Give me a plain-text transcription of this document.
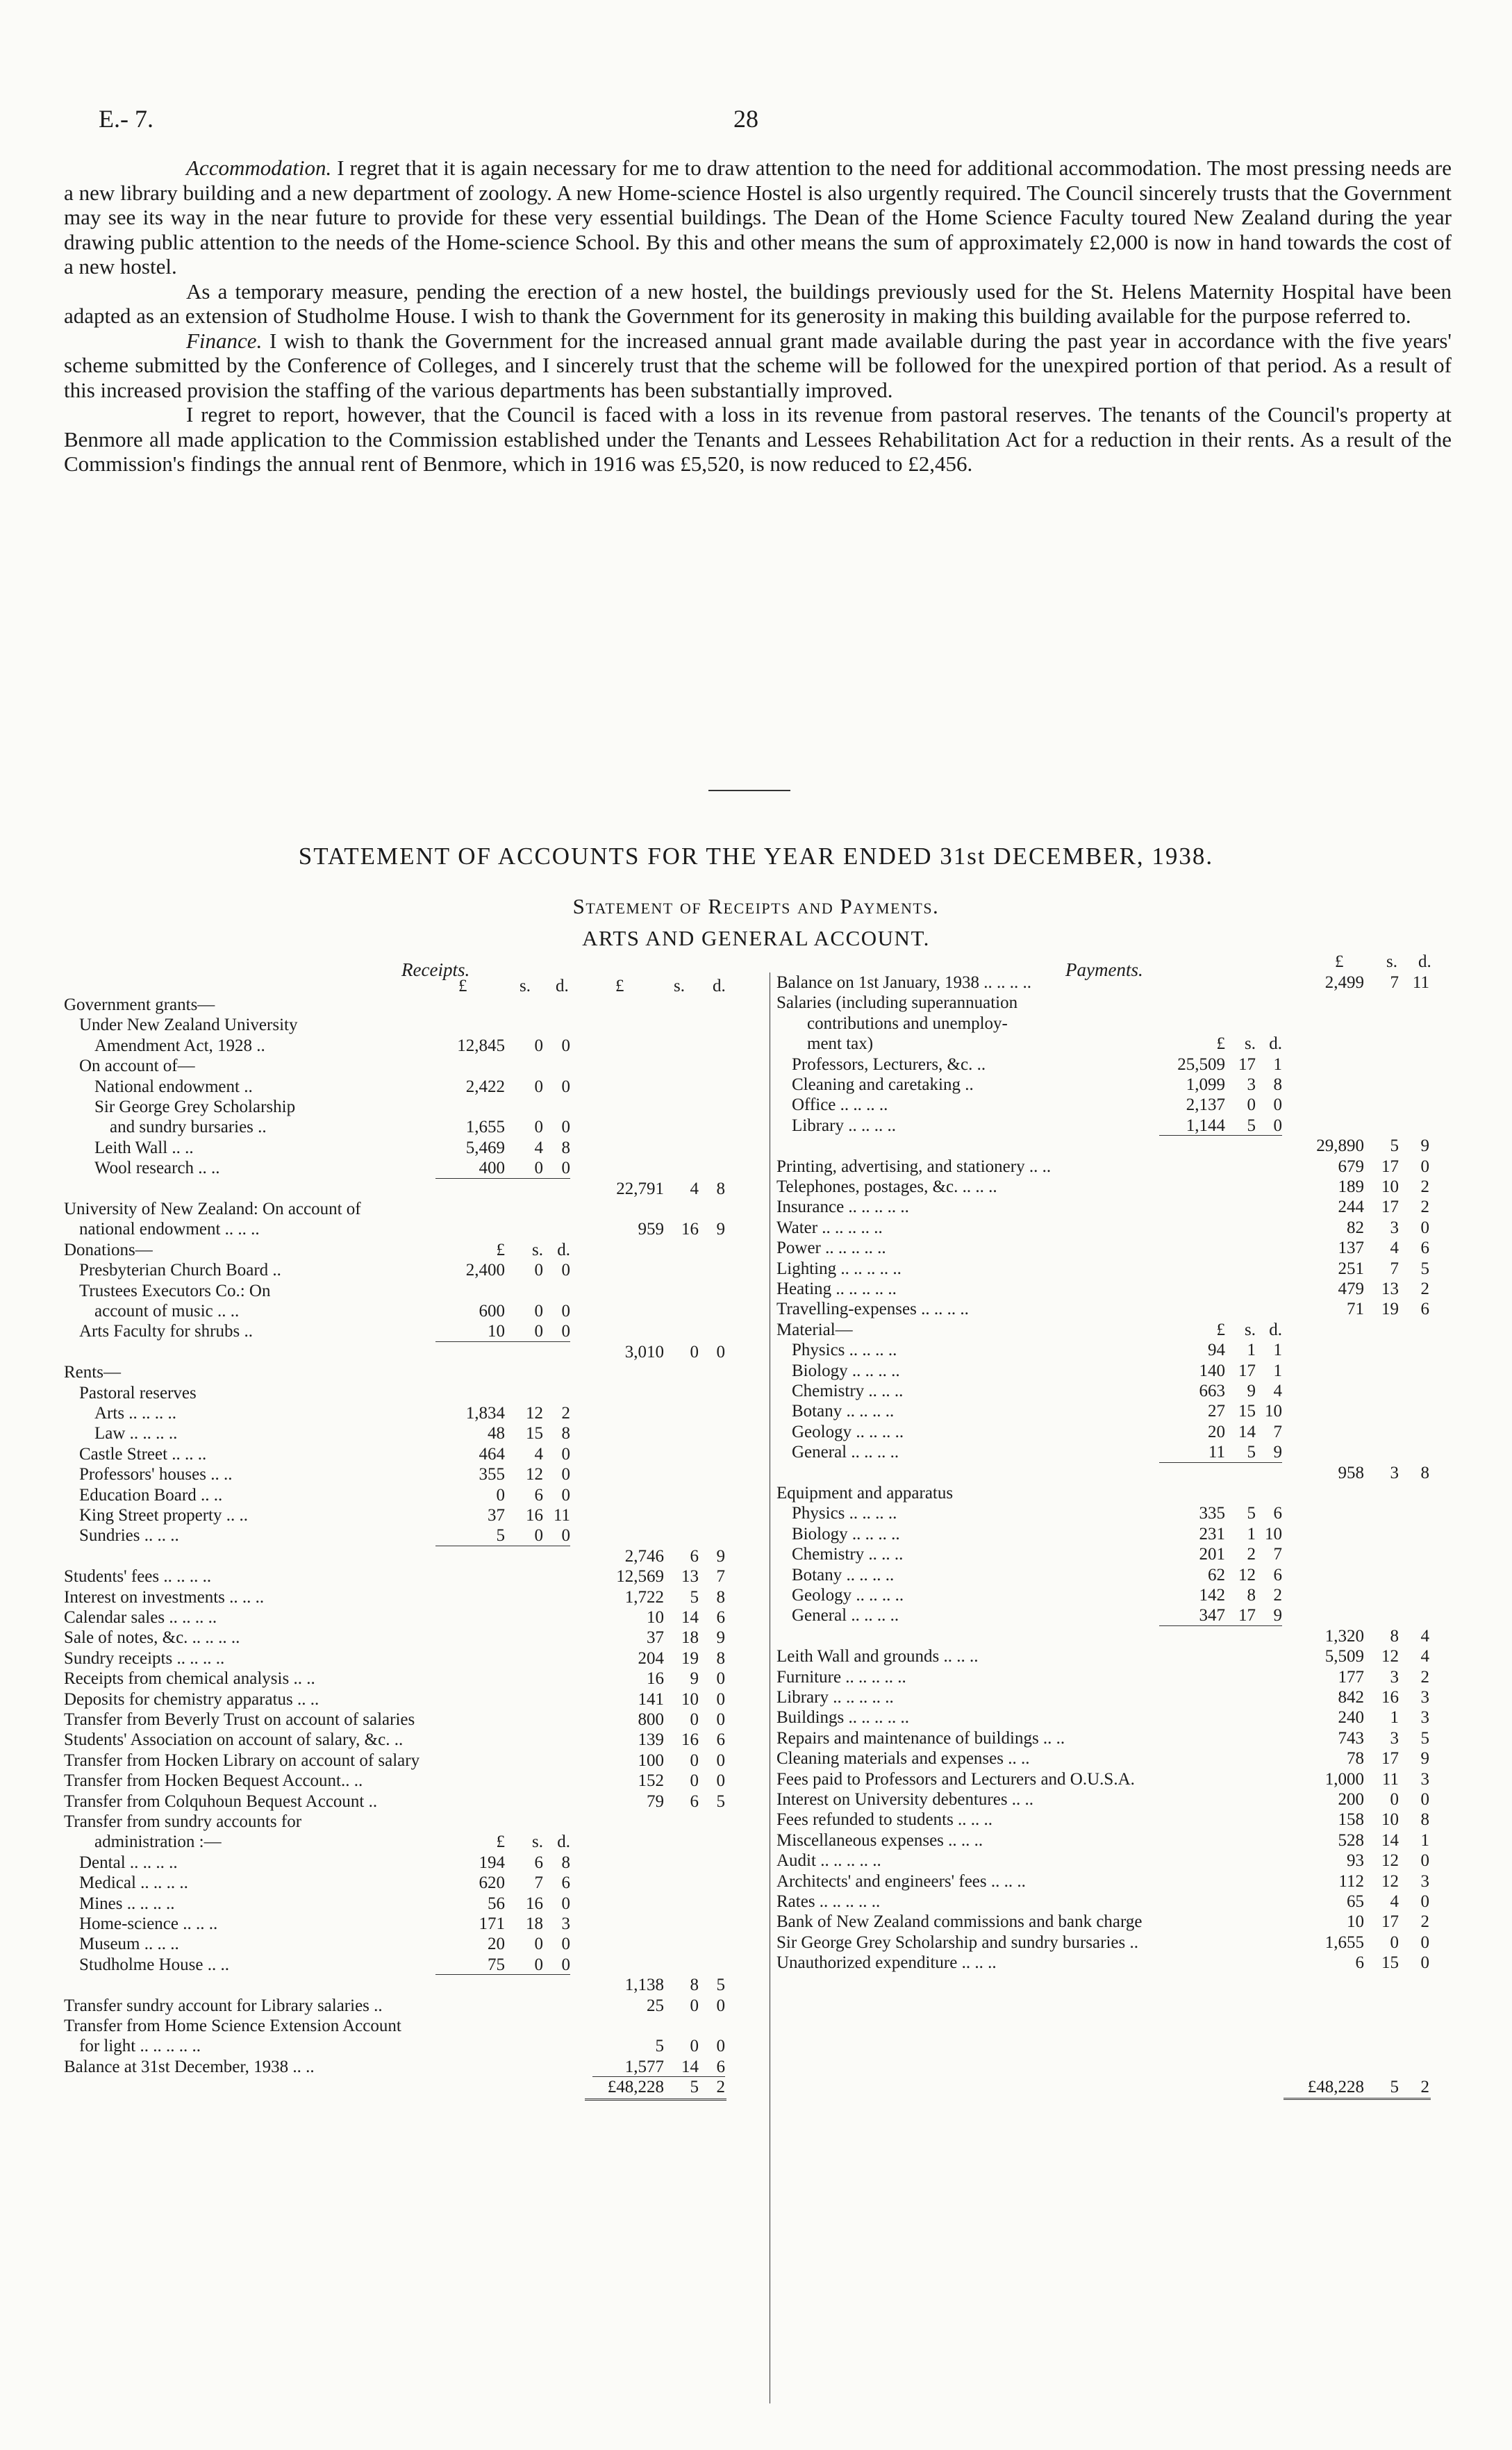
E.- 7.	28

Accommodation. I regret that it is again necessary for me to draw attention to the need for additional accommodation. The most pressing needs are a new library building and a new department of zoology. A new Home-science Hostel is also urgently required. The Council sincerely trusts that the Government may see its way in the near future to provide for these very essential buildings. The Dean of the Home Science Faculty toured New Zealand during the year drawing public attention to the needs of the Home-science School. By this and other means the sum of approximately £2,000 is now in hand towards the cost of a new hostel.

As a temporary measure, pending the erection of a new hostel, the buildings previously used for the St. Helens Maternity Hospital have been adapted as an extension of Studholme House. I wish to thank the Government for its generosity in making this building available for the purpose referred to.

Finance. I wish to thank the Government for the increased annual grant made available during the past year in accordance with the five years' scheme submitted by the Conference of Colleges, and I sincerely trust that the scheme will be followed for the unexpired portion of that period. As a result of this increased provision the staffing of the various departments has been substantially improved.

I regret to report, however, that the Council is faced with a loss in its revenue from pastoral reserves. The tenants of the Council's property at Benmore all made application to the Commission established under the Tenants and Lessees Rehabilitation Act for a reduction in their rents. As a result of the Commission's findings the annual rent of Benmore, which in 1916 was £5,520, is now reduced to £2,456.

STATEMENT OF ACCOUNTS FOR THE YEAR ENDED 31st DECEMBER, 1938.
Statement of Receipts and Payments.
ARTS AND GENERAL ACCOUNT.
Receipts.	Payments.
£	s. d.	£	s. d.
£ s. d.
Government grants—
Under New Zealand University
Amendment Act, 1928 ..	12,845	0	0
On account of—
National endowment ..	2,422	0	0
Sir George Grey Scholarship
and sundry bursaries ..	1,655	0	0
Leith Wall .. ..	5,469	4	8
Wool research .. ..	400	0	0
22,791	4	8
University of New Zealand: On account of
national endowment .. .. ..	959	16	9
Donations—	£	s. d.
Presbyterian Church Board ..	2,400	0	0
Trustees Executors Co.: On
account of music .. ..	600	0	0
Arts Faculty for shrubs ..	10	0	0
3,010	0	0
Rents—
Pastoral reserves
Arts .. .. .. ..	1,834	12	2
Law .. .. .. ..	48	15	8
Castle Street .. .. ..	464	4	0
Professors' houses .. ..	355	12	0
Education Board .. ..	0	6	0
King Street property .. ..	37	16 11
Sundries .. .. ..	5	0	0
2,746	6	9
Students' fees .. .. .. ..	12,569	13	7
Interest on investments .. .. ..	1,722	5	8
Calendar sales .. .. .. ..	10	14	6
Sale of notes, &c. .. .. .. ..	37	18	9
Sundry receipts .. .. .. ..	204	19	8
Receipts from chemical analysis .. ..	16	9	0
Deposits for chemistry apparatus .. ..	141	10	0
Transfer from Beverly Trust on account of salaries	800	0	0
Students' Association on account of salary, &c. ..	139	16	6
Transfer from Hocken Library on account of salary	100	0	0
Transfer from Hocken Bequest Account.. ..	152	0	0
Transfer from Colquhoun Bequest Account ..	79	6	5
Transfer from sundry accounts for
administration :—	£	s. d.
Dental .. .. .. ..	194	6	8
Medical .. .. .. ..	620	7	6
Mines .. .. .. ..	56	16	0
Home-science .. .. ..	171	18	3
Museum .. .. ..	20	0	0
Studholme House .. ..	75	0	0
1,138	8	5
Transfer sundry account for Library salaries ..	25	0	0
Transfer from Home Science Extension Account
for light .. .. .. .. ..	5	0	0
Balance at 31st December, 1938 .. ..	1,577	14	6
£48,228	5	2
Balance on 1st January, 1938 .. .. .. ..	2,499	7 11
Salaries (including superannuation
contributions and unemploy-
ment tax)	£	s. d.
Professors, Lecturers, &c. ..	25,509 17	1
Cleaning and caretaking ..	1,099	3	8
Office .. .. .. ..	2,137	0	0
Library .. .. .. ..	1,144	5	0
29,890	5	9
Printing, advertising, and stationery .. ..	679	17	0
Telephones, postages, &c. .. .. ..	189	10	2
Insurance .. .. .. .. ..	244	17	2
Water .. .. .. .. ..	82	3	0
Power .. .. .. .. ..	137	4	6
Lighting .. .. .. .. ..	251	7	5
Heating .. .. .. .. ..	479	13	2
Travelling-expenses .. .. .. ..	71	19	6
Material—	£	s. d.
Physics .. .. .. ..	94	1	1
Biology .. .. .. ..	140 17	1
Chemistry .. .. ..	663	9	4
Botany .. .. .. ..	27 15 10
Geology .. .. .. ..	20 14	7
General .. .. .. ..	11	5	9
958	3	8
Equipment and apparatus
Physics .. .. .. ..	335	5	6
Biology .. .. .. ..	231	1 10
Chemistry .. .. ..	201	2	7
Botany .. .. .. ..	62 12	6
Geology .. .. .. ..	142	8	2
General .. .. .. ..	347 17	9
1,320	8	4
Leith Wall and grounds .. .. ..	5,509	12	4
Furniture .. .. .. .. ..	177	3	2
Library .. .. .. .. ..	842	16	3
Buildings .. .. .. .. ..	240	1	3
Repairs and maintenance of buildings .. ..	743	3	5
Cleaning materials and expenses .. ..	78	17	9
Fees paid to Professors and Lecturers and O.U.S.A.	1,000	11	3
Interest on University debentures .. ..	200	0	0
Fees refunded to students .. .. ..	158	10	8
Miscellaneous expenses .. .. ..	528	14	1
Audit .. .. .. .. ..	93	12	0
Architects' and engineers' fees .. .. ..	112	12	3
Rates .. .. .. .. ..	65	4	0
Bank of New Zealand commissions and bank charge	10	17	2
Sir George Grey Scholarship and sundry bursaries ..	1,655	0	0
Unauthorized expenditure .. .. ..	6	15	0
£48,228	5	2
